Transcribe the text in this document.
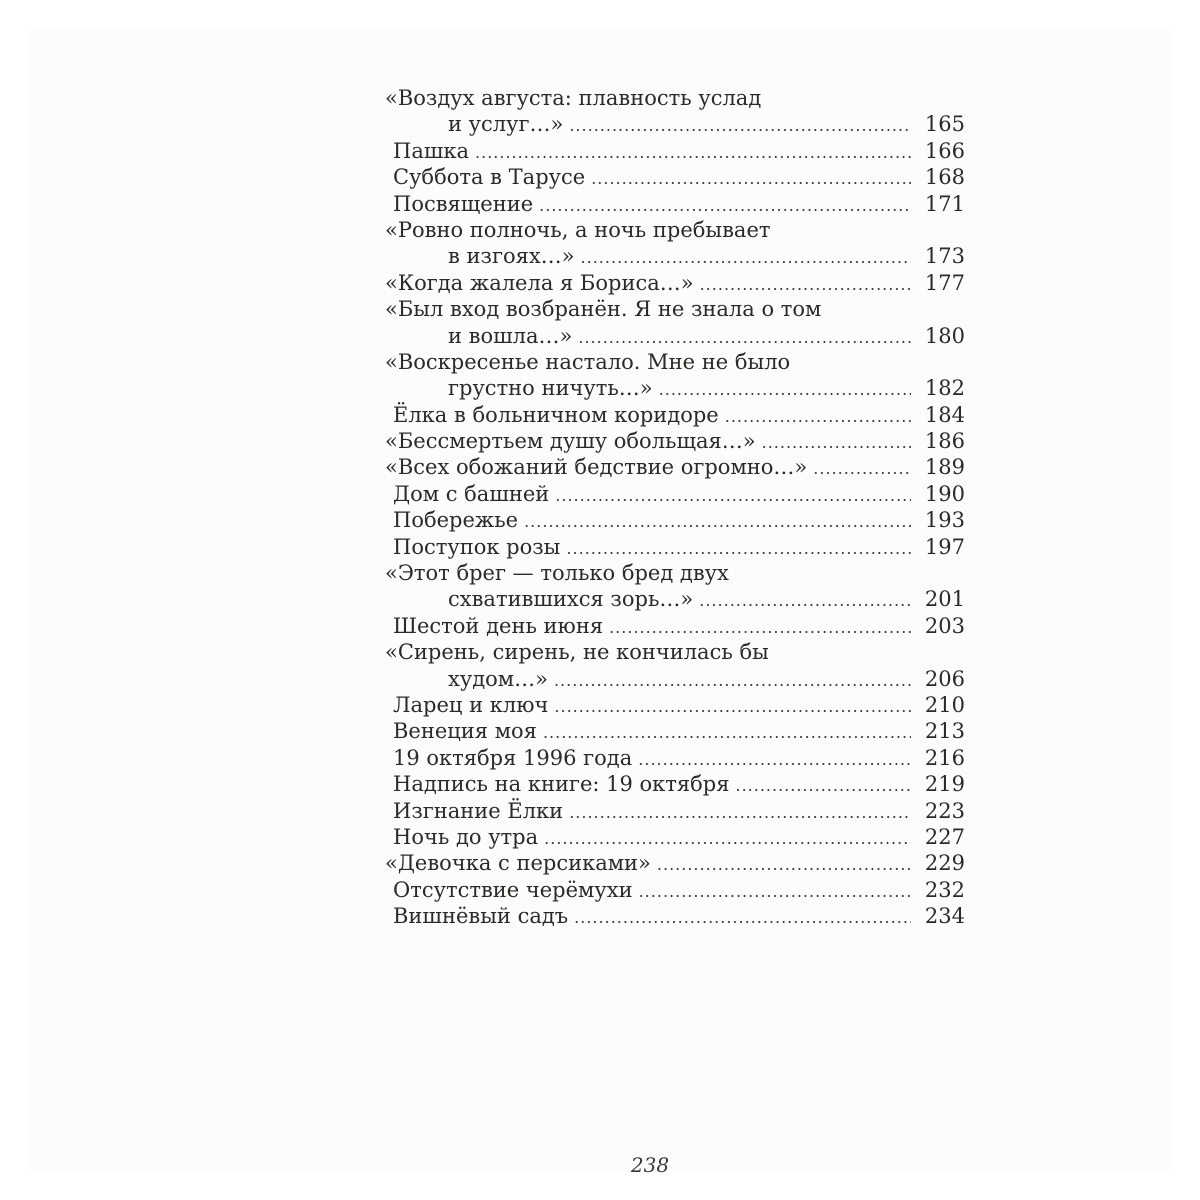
«Воздух августа: плавность услад
и услуг…» .....	165
Пашка .....	166
Суббота в Тарусе .....	168
Посвящение .....	171
«Ровно полночь, а ночь пребывает
в изгоях…» .....	173
«Когда жалела я Бориса…» .....	177
«Был вход возбранён. Я не знала о том
и вошла…» .....	180
«Воскресенье настало. Мне не было
грустно ничуть…» .....	182
Ёлка в больничном коридоре .....	184
«Бессмертьем душу обольщая…» .....	186
«Всех обожаний бедствие огромно…» .....	189
Дом с башней .....	190
Побережье .....	193
Поступок розы .....	197
«Этот брег — только бред двух
схватившихся зорь…» .....	201
Шестой день июня .....	203
«Сирень, сирень, не кончилась бы
худом…» .....	206
Ларец и ключ .....	210
Венеция моя .....	213
19 октября 1996 года .....	216
Надпись на книге: 19 октября .....	219
Изгнание Ёлки .....	223
Ночь до утра .....	227
«Девочка с персиками» .....	229
Отсутствие черёмухи .....	232
Вишнёвый садъ .....	234
238
